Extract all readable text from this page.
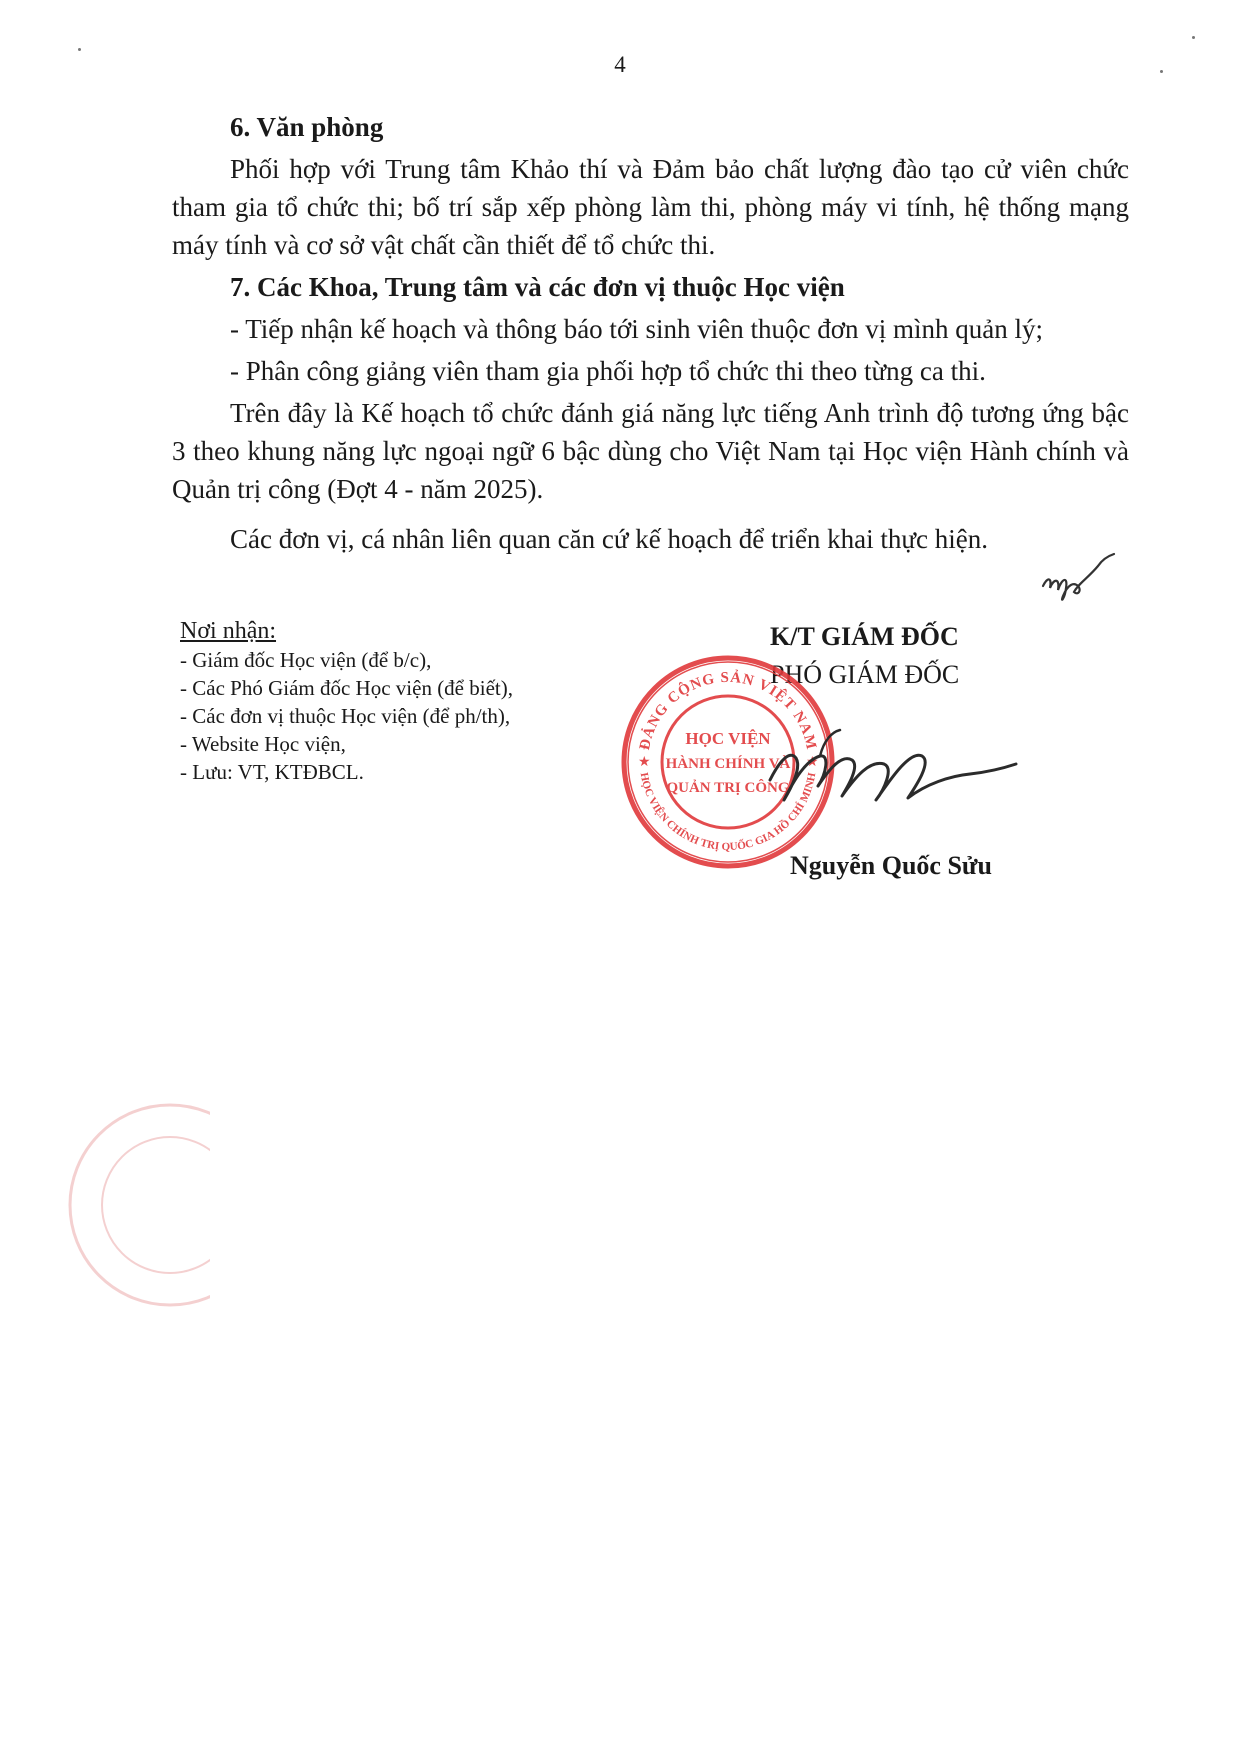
4
6. Văn phòng

Phối hợp với Trung tâm Khảo thí và Đảm bảo chất lượng đào tạo cử viên chức tham gia tổ chức thi; bố trí sắp xếp phòng làm thi, phòng máy vi tính, hệ thống mạng máy tính và cơ sở vật chất cần thiết để tổ chức thi.

7. Các Khoa, Trung tâm và các đơn vị thuộc Học viện

- Tiếp nhận kế hoạch và thông báo tới sinh viên thuộc đơn vị mình quản lý;

- Phân công giảng viên tham gia phối hợp tổ chức thi theo từng ca thi.

Trên đây là Kế hoạch tổ chức đánh giá năng lực tiếng Anh trình độ tương ứng bậc 3 theo khung năng lực ngoại ngữ 6 bậc dùng cho Việt Nam tại Học viện Hành chính và Quản trị công (Đợt 4 - năm 2025).

Các đơn vị, cá nhân liên quan căn cứ kế hoạch để triển khai thực hiện.

Nơi nhận:
- Giám đốc Học viện (để b/c),
- Các Phó Giám đốc Học viện (để biết),
- Các đơn vị thuộc Học viện (để ph/th),
- Website Học viện,
- Lưu: VT, KTĐBCL.
K/T GIÁM ĐỐC
PHÓ GIÁM ĐỐC
ĐẢNG CỘNG SẢN VIỆT NAM
HỌC VIỆN CHÍNH TRỊ QUỐC GIA HỒ CHÍ MINH
★	★
HỌC VIỆN
HÀNH CHÍNH VÀ
QUẢN TRỊ CÔNG
Nguyễn Quốc Sửu
